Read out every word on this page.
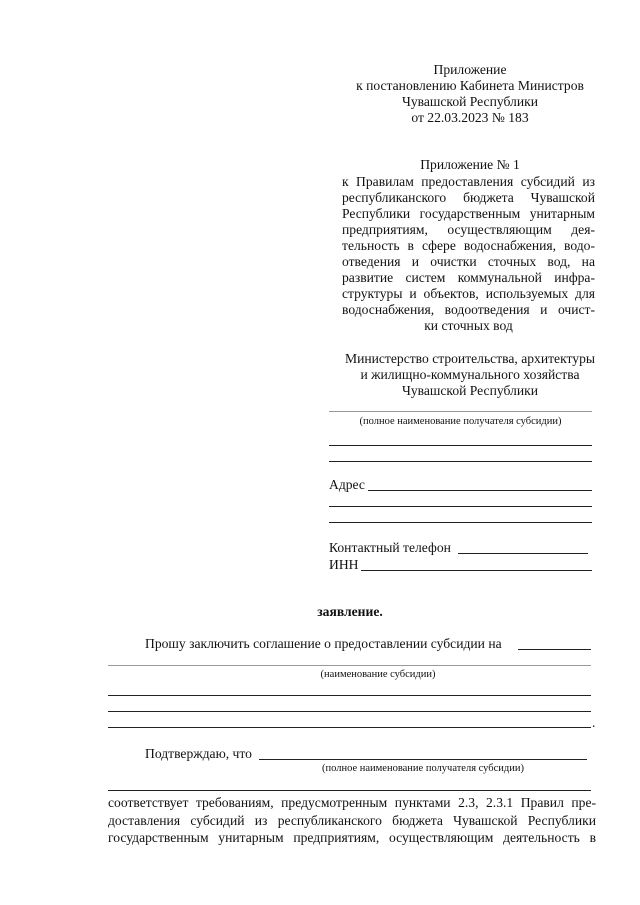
Приложение
к постановлению Кабинета Министров
Чувашской Республики
от 22.03.2023 № 183
Приложение № 1
к Правилам предоставления субсидий из
республиканского бюджета Чувашской
Республики государственным унитарным
предприятиям, осуществляющим дея-
тельность в сфере водоснабжения, водо-
отведения и очистки сточных вод, на
развитие систем коммунальной инфра-
структуры и объектов, используемых для
водоснабжения, водоотведения и очист-
ки сточных вод
Министерство строительства, архитектуры
и жилищно-коммунального хозяйства
Чувашской Республики
(полное наименование получателя субсидии)
Адрес
Контактный телефон
ИНН
заявление.
Прошу заключить соглашение о предоставлении субсидии на
(наименование субсидии)
.
Подтверждаю, что
(полное наименование получателя субсидии)
соответствует требованиям, предусмотренным пунктами 2.3, 2.3.1 Правил пре-
доставления субсидий из республиканского бюджета Чувашской Республики
государственным унитарным предприятиям, осуществляющим деятельность в
